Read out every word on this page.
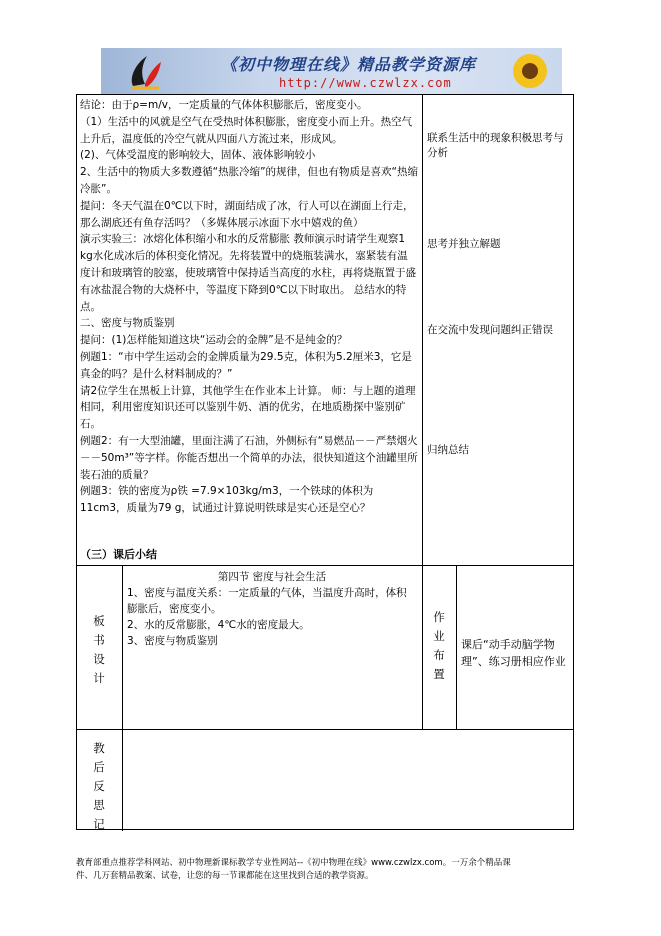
《初中物理在线》精品教学资源库
http://www.czwlzx.com

结论：由于ρ=m/v，一定质量的气体体积膨胀后，密度变小。

（1）生活中的风就是空气在受热时体积膨胀，密度变小而上升。热空气上升后，温度低的冷空气就从四面八方流过来，形成风。

(2)、气体受温度的影响较大，固体、液体影响较小

2、生活中的物质大多数遵循“热胀冷缩”的规律，但也有物质是喜欢“热缩冷胀”。

提问：冬天气温在0℃以下时，湖面结成了冰，行人可以在湖面上行走，那么湖底还有鱼存活吗？（多媒体展示冰面下水中嬉戏的鱼）

演示实验三：冰熔化体积缩小和水的反常膨胀 教师演示时请学生观察1 kg水化成冰后的体积变化情况。先将装置中的烧瓶装满水，塞紧装有温度计和玻璃管的胶塞，使玻璃管中保持适当高度的水柱，再将烧瓶置于盛有冰盐混合物的大烧杯中，等温度下降到0℃以下时取出。 总结水的特点。

二、密度与物质鉴别

提问：(1)怎样能知道这块“运动会的金牌”是不是纯金的？

例题1：“市中学生运动会的金牌质量为29.5克，体积为5.2厘米3，它是真金的吗？是什么材料制成的？”

请2位学生在黑板上计算，其他学生在作业本上计算。 师：与上题的道理相同，利用密度知识还可以鉴别牛奶、酒的优劣，在地质勘探中鉴别矿石。

例题2：有一大型油罐，里面注满了石油，外侧标有“易燃品－－严禁烟火－－50m³”等字样。你能否想出一个简单的办法，很快知道这个油罐里所装石油的质量？

例题3：铁的密度为ρ铁 =7.9×103kg/m3，一个铁球的体积为11cm3，质量为79 g，试通过计算说明铁球是实心还是空心？

（三）课后小结

联系生活中的现象积极思考与分析

思考并独立解题

在交流中发现问题纠正错误

归纳总结

板书设计

第四节 密度与社会生活

1、密度与温度关系：一定质量的气体，当温度升高时，体积膨胀后，密度变小。

2、水的反常膨胀，4℃水的密度最大。

3、密度与物质鉴别

作业布置
课后“动手动脑学物理”、练习册相应作业
教后反思记

教育部重点推荐学科网站、初中物理新课标教学专业性网站--《初中物理在线》www.czwlzx.com。一万余个精品课

件、几万套精品教案、试卷，让您的每一节课都能在这里找到合适的教学资源。
